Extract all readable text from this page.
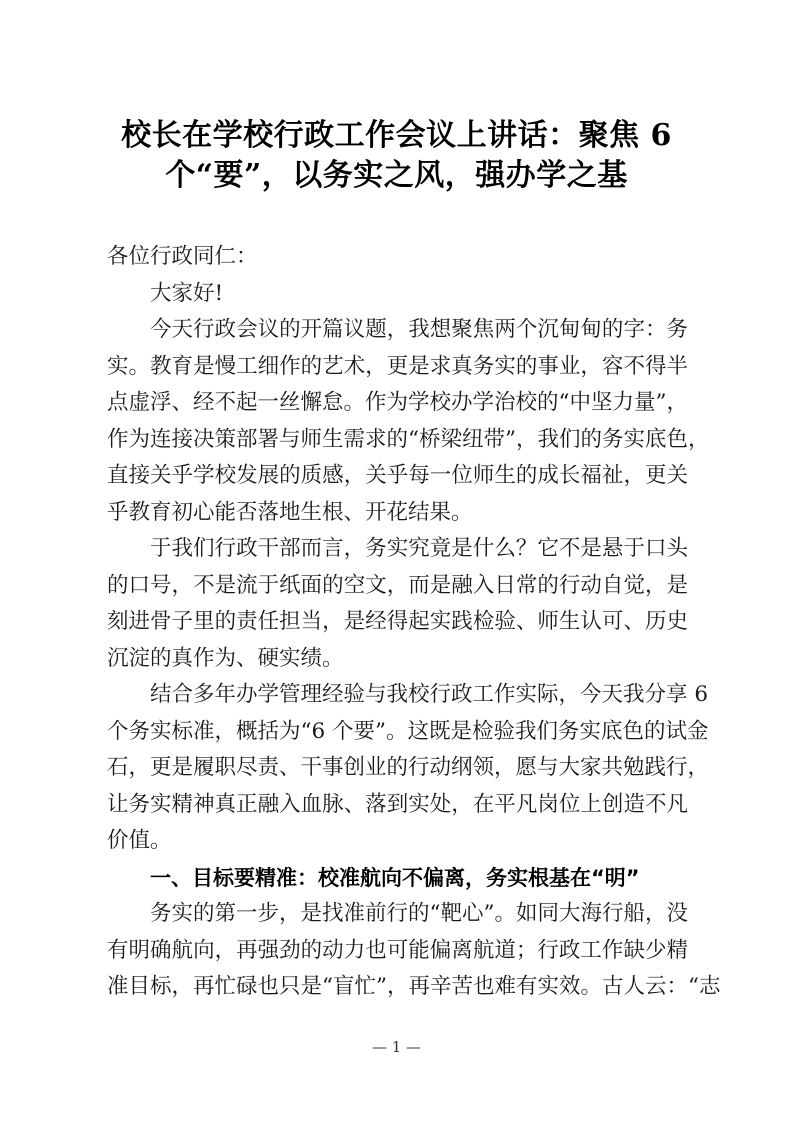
校长在学校行政工作会议上讲话：聚焦 6
个“要”，以务实之风，强办学之基

各位行政同仁：

大家好!

今天行政会议的开篇议题，我想聚焦两个沉甸甸的字：务
实。教育是慢工细作的艺术，更是求真务实的事业，容不得半
点虚浮、经不起一丝懈怠。作为学校办学治校的“中坚力量”，
作为连接决策部署与师生需求的“桥梁纽带”，我们的务实底色，
直接关乎学校发展的质感，关乎每一位师生的成长福祉，更关
乎教育初心能否落地生根、开花结果。
于我们行政干部而言，务实究竟是什么？它不是悬于口头
的口号，不是流于纸面的空文，而是融入日常的行动自觉，是
刻进骨子里的责任担当，是经得起实践检验、师生认可、历史
沉淀的真作为、硬实绩。
结合多年办学管理经验与我校行政工作实际，今天我分享 6
个务实标准，概括为“6 个要”。这既是检验我们务实底色的试金
石，更是履职尽责、干事创业的行动纲领，愿与大家共勉践行，
让务实精神真正融入血脉、落到实处，在平凡岗位上创造不凡
价值。

一、目标要精准：校准航向不偏离，务实根基在“明”

务实的第一步，是找准前行的“靶心”。如同大海行船，没
有明确航向，再强劲的动力也可能偏离航道；行政工作缺少精
准目标，再忙碌也只是“盲忙”，再辛苦也难有实效。古人云：“志
— 1 —
